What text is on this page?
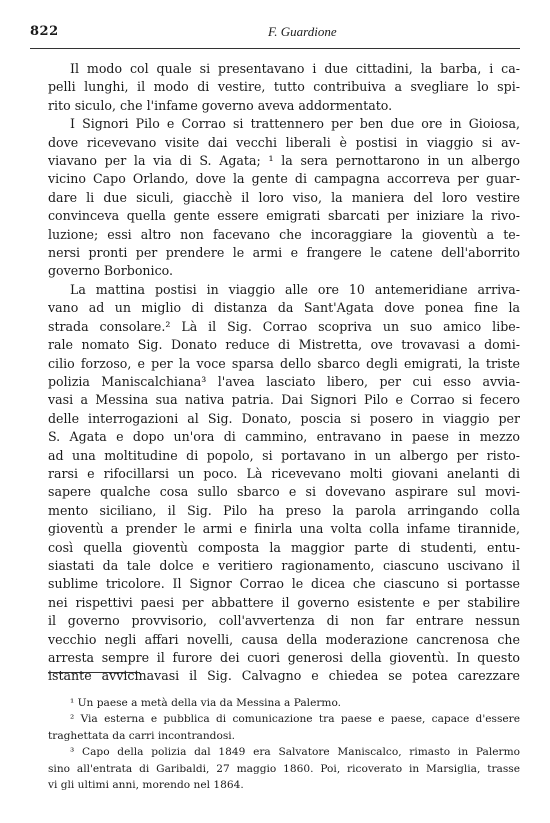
822	F. Guardione
Il modo col quale si presentavano i due cittadini, la barba, i ca-
pelli lunghi, il modo di vestire, tutto contribuiva a svegliare lo spi-
rito siculo, che l'infame governo aveva addormentato.
I Signori Pilo e Corrao si trattennero per ben due ore in Gioiosa,
dove ricevevano visite dai vecchi liberali è postisi in viaggio si av-
viavano per la via di S. Agata; ¹ la sera pernottarono in un albergo
vicino Capo Orlando, dove la gente di campagna accorreva per guar-
dare li due siculi, giacchè il loro viso, la maniera del loro vestire
convinceva quella gente essere emigrati sbarcati per iniziare la rivo-
luzione; essi altro non facevano che incoraggiare la gioventù a te-
nersi pronti per prendere le armi e frangere le catene dell'aborrito
governo Borbonico.
La mattina postisi in viaggio alle ore 10 antemeridiane arriva-
vano ad un miglio di distanza da Sant'Agata dove ponea fine la
strada consolare.² Là il Sig. Corrao scopriva un suo amico libe-
rale nomato Sig. Donato reduce di Mistretta, ove trovavasi a domi-
cilio forzoso, e per la voce sparsa dello sbarco degli emigrati, la triste
polizia Maniscalchiana³ l'avea lasciato libero, per cui esso avvia-
vasi a Messina sua nativa patria. Dai Signori Pilo e Corrao si fecero
delle interrogazioni al Sig. Donato, poscia si posero in viaggio per
S. Agata e dopo un'ora di cammino, entravano in paese in mezzo
ad una moltitudine di popolo, si portavano in un albergo per risto-
rarsi e rifocillarsi un poco. Là ricevevano molti giovani anelanti di
sapere qualche cosa sullo sbarco e si dovevano aspirare sul movi-
mento siciliano, il Sig. Pilo ha preso la parola arringando colla
gioventù a prender le armi e finirla una volta colla infame tirannide,
così quella gioventù composta la maggior parte di studenti, entu-
siastati da tale dolce e veritiero ragionamento, ciascuno uscivano il
sublime tricolore. Il Signor Corrao le dicea che ciascuno si portasse
nei rispettivi paesi per abbattere il governo esistente e per stabilire
il governo provvisorio, coll'avvertenza di non far entrare nessun
vecchio negli affari novelli, causa della moderazione cancrenosa che
arresta sempre il furore dei cuori generosi della gioventù. In questo
istante avvicinavasi il Sig. Calvagno e chiedea se potea carezzare
¹ Un paese a metà della via da Messina a Palermo.
² Via esterna e pubblica di comunicazione tra paese e paese, capace d'essere
traghettata da carri incontrandosi.
³ Capo della polizia dal 1849 era Salvatore Maniscalco, rimasto in Palermo
sino all'entrata di Garibaldi, 27 maggio 1860. Poi, ricoverato in Marsiglia, trasse
vi gli ultimi anni, morendo nel 1864.
